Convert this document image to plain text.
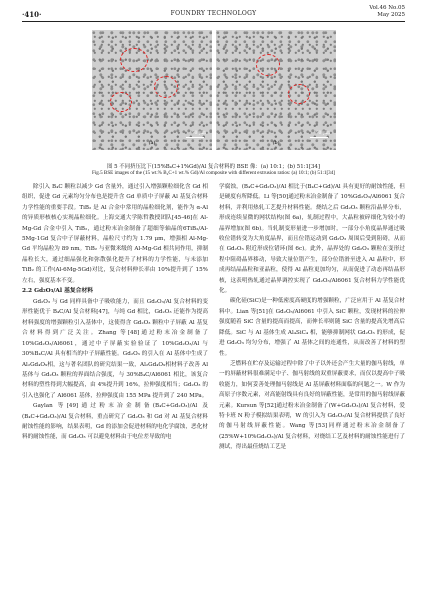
·410·	FOUNDRY TECHNOLOGY
Vol.46 No.05
May 2025
50 μm
(a)
50 μm
(b)
图 5 不同挤压比下(15%B₄C+1%Gd)/Al 复合材料的 BSE 像：(a) 10:1；(b) 51:1[34]
Fig.5 BSE images of the (15 wt.% B₄C+1 wt.% Gd)/Al composite with different extrusion ratios: (a) 10:1; (b) 51:1[34]

除引入 B₄C 颗粒以减少 Gd 含量外，通过引入增强颗粒细化含 Gd 相组织，促进 Gd 元素均匀分布也是提升含 Gd 单质中子屏蔽 Al 基复合材料力学性能的重要手段。TiB₂ 是 Al 合金中常用的晶粒细化剂，能作为 α-Al 的异质形核核心实现晶粒细化。上海交通大学陈哲教授团队[45-46]在 Al-Mg-Gd 合金中引入 TiB₂，通过粉末冶金制备了超细等轴晶的6TiB₂/Al-5Mg-1Gd 复合中子屏蔽材料，晶粒尺寸约为 1.79 μm，增强相 Al-Mg-Gd 平均晶粒为 89 nm。TiB₂ 与亚微米级的 Al-Mg-Gd 相共同作用，抑制晶粒长大，通过细晶强化和弥散强化提升了材料的力学性能，与未添加 TiB₂ 的工作(Al-6Mg-5Gd)对比，复合材料伸长率由 10%提升到了 15%左右，强度基本不变。

2.2 Gd₂O₃/Al 基复合材料

Gd₂O₃ 与 Gd 同样具备中子吸收能力，而且 Gd₂O₃/Al 复合材料的变形性能优于 B₄C/Al 复合材料[47]，与纯 Gd 相比，Gd₂O₃ 还能作为提高材料强度的增强颗粒引入基体中，这使得含 Gd₂O₃ 颗粒中子屏蔽 Al 基复合材料得到广泛关注。Zhang 等[48]通过粉末冶金制备了 10%Gd₂O₃/Al6061，通过中子屏蔽实验验证了 10%Gd₂O₃/Al 与 30%B₄C/Al 具有相当的中子屏蔽性能。Gd₂O₃ 的引入在 Al 基体中生成了 Al₂Gd₄O₉相，这与著名团队的研究结果一致，Al₂Gd₄O₉相材料子改善 Al 基体与 Gd₂O₃ 颗粒的界面结合强度，与 30%B₄C/Al6061 相比，该复合材料的塑性得到大幅提高，由 4%提升到 16%，拉伸强度相当；Gd₂O₃ 的引入也强化了 Al6061 基体，拉伸强度由 155 MPa 提升到了 240 MPa。

Gaylan 等[49]通过粉末冶金制备(B₄C+Gd₂O₃)/Al 及(B₄C+Gd₂O₃)/Al 复合材料，重点研究了 Gd₂O₃ 和 Gd 对 Al 基复合材料耐蚀性能的影响，结果表明，Gd 的添加会促进材料的电化学腐蚀，恶化材料的耐蚀性能，而 Gd₂O₃ 可以避免材料由于电位差导致的电

学腐蚀，(B₄C+Gd₂O₃)/Al 相比于(B₄C+Gd)/Al 具有更好的耐蚀性能，但是硬度有所降低。Li 等[50]通过粉末冶金制备了 10%Gd₂O₃/Al6061 复合材料，并利用热轧工艺提升材料性能。烧结之后 Gd₂O₃ 颗粒沿晶界分布，形成连续显微的网状结构(图 6a)，轧制过程中，大晶粒被碎细化为较小的晶界增加(图 6b)。当轧制变形量进一步增加时，一部分小角度晶界通过吸收位错转变为大角度晶界，而且位错运动到 Gd₂O₃ 周围后受到阻碍，从而在 Gd₂O₃ 附近形成位错环(图 6c)。此外，晶界处的 Gd₂O₃ 颗粒在变形过程中阻碍晶界移动，导致大量位错产生，部分位错滑至进入 Al 晶粒中，形成再结晶晶粒和亚晶粒，使得 Al 晶粒更加均匀，从而促进了动态再结晶形核，这表明热轧通过晶界调控实现了 Gd₂O₃/Al6061 复合材料力学性能优化。

碳化硅(SiC)是一种低密度高硬度的增强颗粒，广泛应用于 Al 基复合材料中。Lian 等[51]在 Gd₂O₃/Al6061 中引入 SiC 颗粒，发现材料的拉伸强度随着 SiC 含量的提高而提高，而伸长率则随 SiC 含量的提高先增高后降低。SiC 与 Al 基体生成 Al₄SiC₄ 相，能够抑制网状 Gd₂O₃ 的形成，促进 Gd₂O₃ 均匀分布，增强了 Al 基体之间的连通性，从而改善了材料的塑性。

乏燃料在贮存及运输过程中除了中子以外还会产生大量的伽马射线，单一的屏蔽材料很难满足中子、伽马射线的双重屏蔽要求，而仅以提高中子吸收能力，如何妥善处理伽马射线是 Al 基屏蔽材料面临的问题之一。W 作为高原子序数元素，对高能射线具有良好的屏蔽性能，是常用的伽马射线屏蔽元素。Kursun 等[52]通过粉末冶金制备了(W+Gd₂O₃)/Al 复合材料，爱特卡班 N 粉子模拟结果表明，W 的引入为 Gd₂O₃/Al 复合材料提供了良好的伽马射线屏蔽性能。Wang 等[53]同样通过粉末冶金制备了(25%W+10%Gd₂O₃)/Al 复合材料，对烧结工艺及材料的耐蚀性能进行了测试，得出最佳烧结工艺是
